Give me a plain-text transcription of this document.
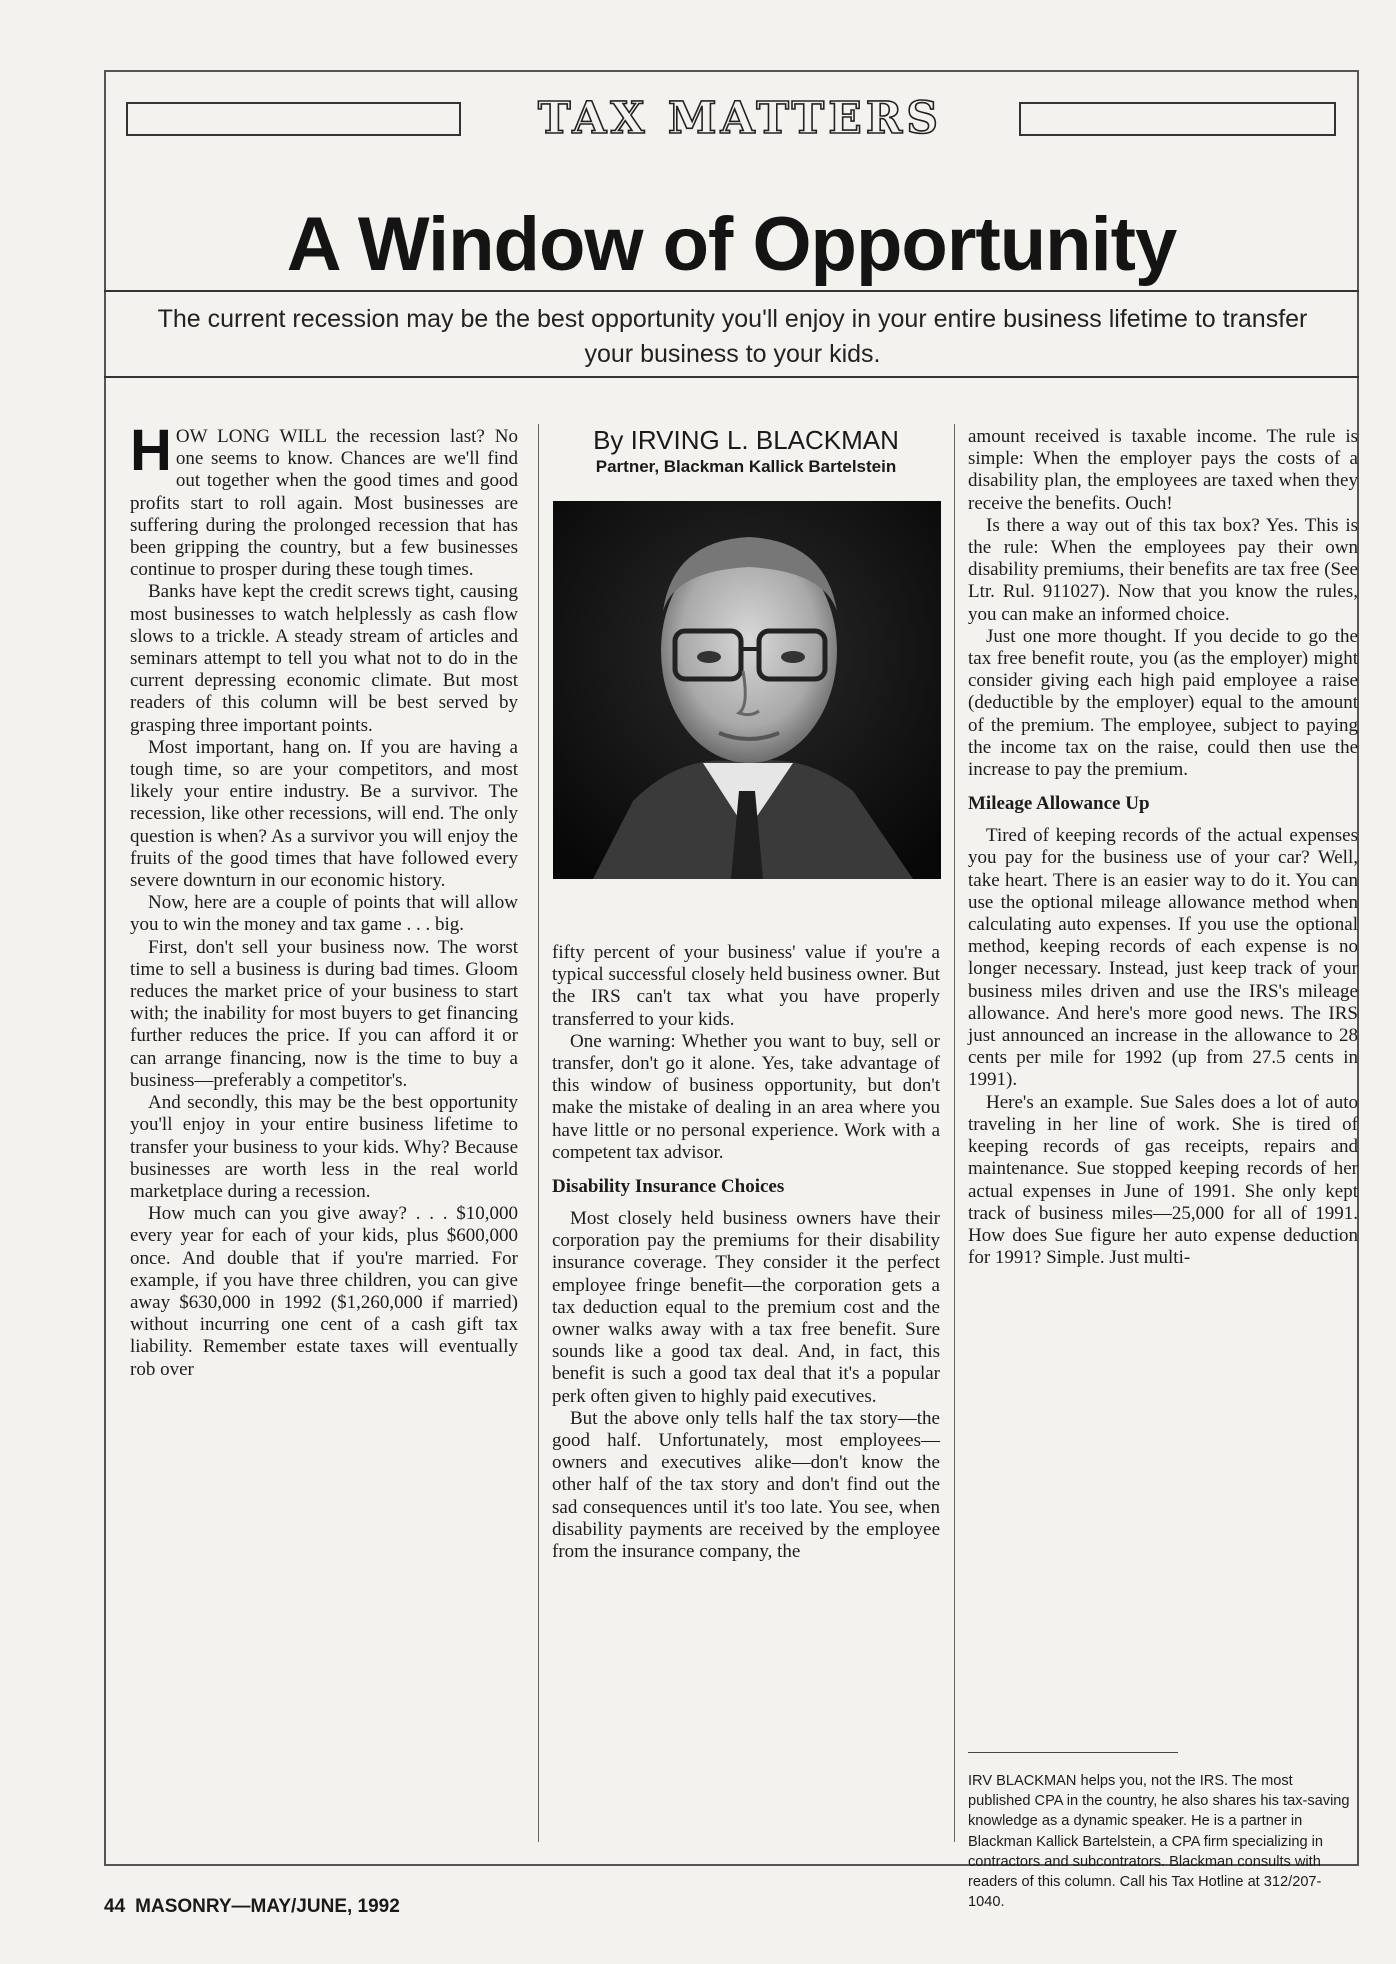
TAX MATTERS
A Window of Opportunity
The current recession may be the best opportunity you'll enjoy in your entire business lifetime to transfer your business to your kids.

HOW LONG WILL the recession last? No one seems to know. Chances are we'll find out together when the good times and good profits start to roll again. Most businesses are suffering during the prolonged recession that has been gripping the country, but a few businesses continue to prosper during these tough times.

Banks have kept the credit screws tight, causing most businesses to watch helplessly as cash flow slows to a trickle. A steady stream of articles and seminars attempt to tell you what not to do in the current depressing economic climate. But most readers of this column will be best served by grasping three important points.

Most important, hang on. If you are having a tough time, so are your competitors, and most likely your entire industry. Be a survivor. The recession, like other recessions, will end. The only question is when? As a survivor you will enjoy the fruits of the good times that have followed every severe downturn in our economic history.

Now, here are a couple of points that will allow you to win the money and tax game . . . big.

First, don't sell your business now. The worst time to sell a business is during bad times. Gloom reduces the market price of your business to start with; the inability for most buyers to get financing further reduces the price. If you can afford it or can arrange financing, now is the time to buy a business—preferably a competitor's.

And secondly, this may be the best opportunity you'll enjoy in your entire business lifetime to transfer your business to your kids. Why? Because businesses are worth less in the real world marketplace during a recession.

How much can you give away? . . . $10,000 every year for each of your kids, plus $600,000 once. And double that if you're married. For example, if you have three children, you can give away $630,000 in 1992 ($1,260,000 if married) without incurring one cent of a cash gift tax liability. Remember estate taxes will eventually rob over

By IRVING L. BLACKMAN
Partner, Blackman Kallick Bartelstein

fifty percent of your business' value if you're a typical successful closely held business owner. But the IRS can't tax what you have properly transferred to your kids.

One warning: Whether you want to buy, sell or transfer, don't go it alone. Yes, take advantage of this window of business opportunity, but don't make the mistake of dealing in an area where you have little or no personal experience. Work with a competent tax advisor.

Disability Insurance Choices

Most closely held business owners have their corporation pay the premiums for their disability insurance coverage. They consider it the perfect employee fringe benefit—the corporation gets a tax deduction equal to the premium cost and the owner walks away with a tax free benefit. Sure sounds like a good tax deal. And, in fact, this benefit is such a good tax deal that it's a popular perk often given to highly paid executives.

But the above only tells half the tax story—the good half. Unfortunately, most employees—owners and executives alike—don't know the other half of the tax story and don't find out the sad consequences until it's too late. You see, when disability payments are received by the employee from the insurance company, the

amount received is taxable income. The rule is simple: When the employer pays the costs of a disability plan, the employees are taxed when they receive the benefits. Ouch!

Is there a way out of this tax box? Yes. This is the rule: When the employees pay their own disability premiums, their benefits are tax free (See Ltr. Rul. 911027). Now that you know the rules, you can make an informed choice.

Just one more thought. If you decide to go the tax free benefit route, you (as the employer) might consider giving each high paid employee a raise (deductible by the employer) equal to the amount of the premium. The employee, subject to paying the income tax on the raise, could then use the increase to pay the premium.

Mileage Allowance Up

Tired of keeping records of the actual expenses you pay for the business use of your car? Well, take heart. There is an easier way to do it. You can use the optional mileage allowance method when calculating auto expenses. If you use the optional method, keeping records of each expense is no longer necessary. Instead, just keep track of your business miles driven and use the IRS's mileage allowance. And here's more good news. The IRS just announced an increase in the allowance to 28 cents per mile for 1992 (up from 27.5 cents in 1991).

Here's an example. Sue Sales does a lot of auto traveling in her line of work. She is tired of keeping records of gas receipts, repairs and maintenance. Sue stopped keeping records of her actual expenses in June of 1991. She only kept track of business miles—25,000 for all of 1991. How does Sue figure her auto expense deduction for 1991? Simple. Just multi-

IRV BLACKMAN helps you, not the IRS. The most published CPA in the country, he also shares his tax-saving knowledge as a dynamic speaker. He is a partner in Blackman Kallick Bartelstein, a CPA firm specializing in contractors and subcontrators. Blackman consults with readers of this column. Call his Tax Hotline at 312/207-1040.
44 MASONRY—MAY/JUNE, 1992
